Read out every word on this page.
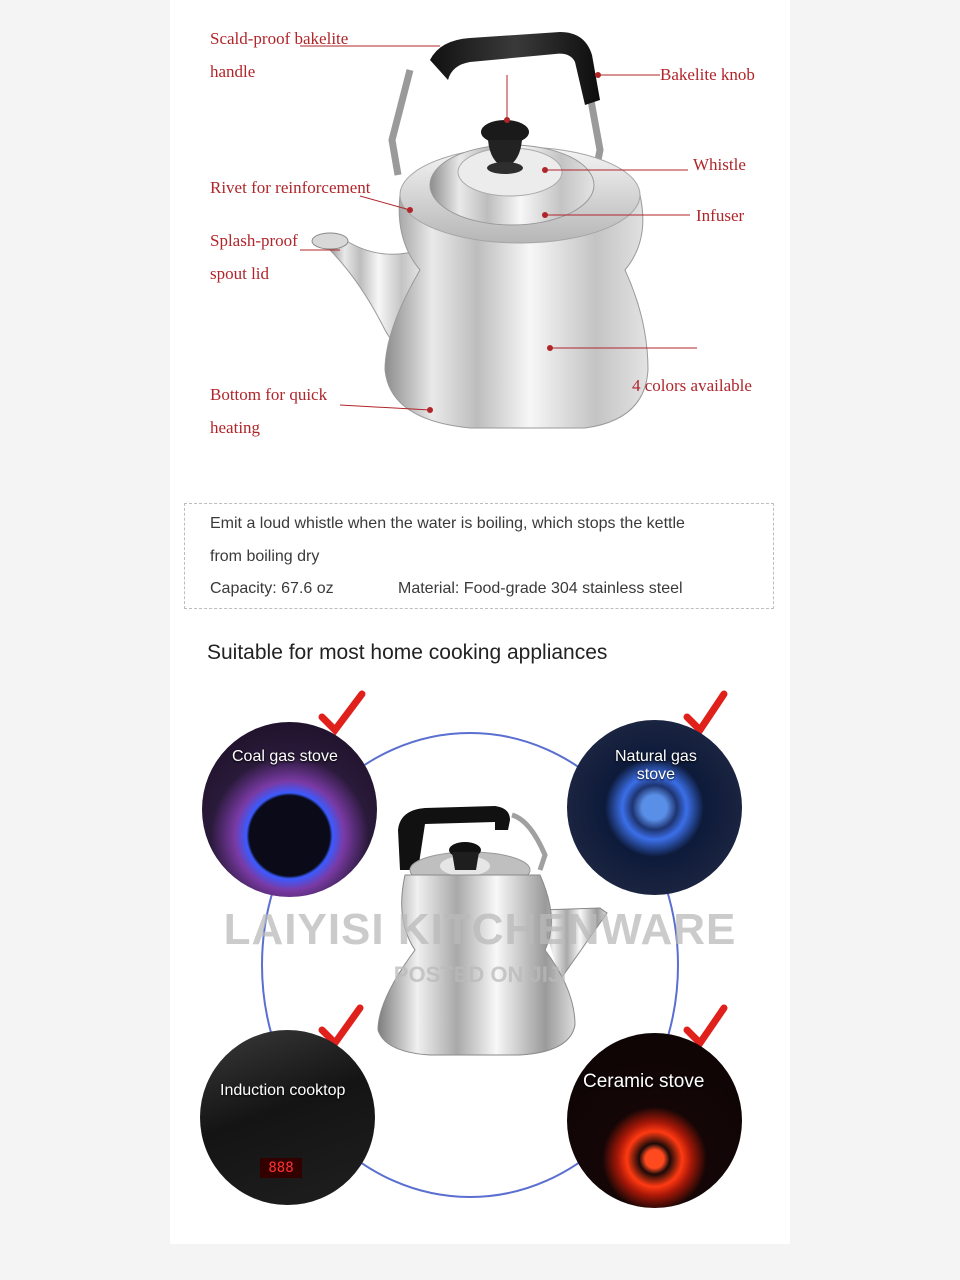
Scald-proof bakelite
handle	Bakelite knob
Rivet for reinforcement
Whistle
Infuser
Splash-proof
spout lid
4 colors available
Bottom for quick
heating
Emit a loud whistle when the water is boiling, which stops the kettle
from boiling dry
Capacity: 67.6 oz	Material: Food-grade 304 stainless steel
Suitable for most home cooking appliances
Coal gas stove	Natural gas
stove
Induction cooktop
888
Ceramic stove
LAIYISI KITCHENWARE
POSTED ON JIJI
